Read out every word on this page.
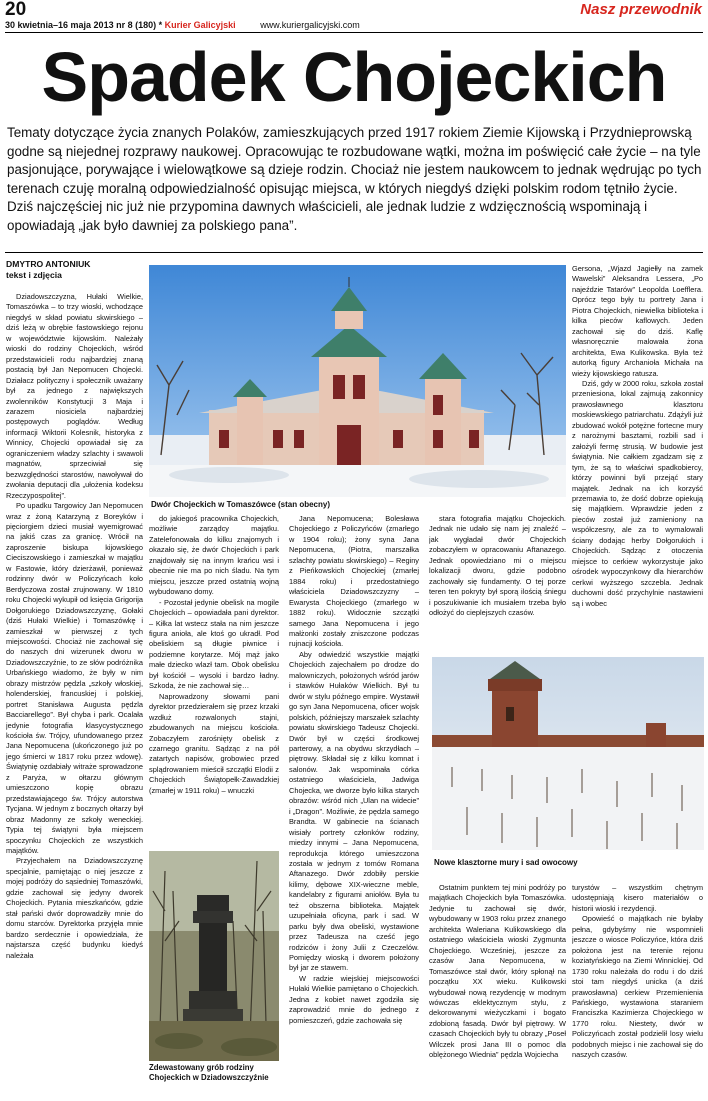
20	Nasz przewodnik
30 kwietnia–16 maja 2013 nr 8 (180) * Kurier Galicyjski	www.kuriergalicyjski.com
Spadek Chojeckich
Tematy dotyczące życia znanych Polaków, zamieszkujących przed 1917 rokiem Ziemie Kijowską i Przydnieprowską godne są niejednej rozprawy naukowej. Opracowując te rozbudowane wątki, można im poświęcić całe życie – na tyle pasjonujące, porywające i wielowątkowe są dzieje rodzin. Chociaż nie jestem naukowcem to jednak wędrując po tych terenach czuję moralną odpowiedzialność opisując miejsca, w których niegdyś dzięki polskim rodom tętniło życie. Dziś najczęściej nic już nie przypomina dawnych właścicieli, ale jednak ludzie z wdzięcznością wspominają i opowiadają „jak było dawniej za polskiego pana”.
DMYTRO ANTONIUK
tekst i zdjęcia

Dziadowszczyzna, Hułaki Wielkie, Tomaszówka – to trzy wioski, wchodzące niegdyś w skład powiatu skwirskiego – dziś leżą w obrębie fastowskiego rejonu w województwie kijowskim. Należały wioski do rodziny Chojeckich, wśród przedstawicieli rodu najbardziej znaną postacią był Jan Nepomucen Chojecki. Działacz polityczny i społecznik uważany był za jednego z największych zwolenników Konstytucji 3 Maja i zarazem niosiciela najbardziej postępowych poglądów. Według informacji Wiktorii Kolesnik, historyka z Winnicy, Chojecki opowiadał się za ograniczeniem władzy szlachty i swawoli magnatów, sprzeciwiał się bezwzględności starostów, nawoływał do zwołania deputacji dla „ułożenia kodeksu Rzeczypospolitej”.

Po upadku Targowicy Jan Nepomucen wraz z żoną Katarzyną z Boreyków i pięciorgiem dzieci musiał wyemigrować na jakiś czas za granicę. Wrócił na zaproszenie biskupa kijowskiego Cieciszowskiego i zamieszkał w majątku w Fastowie, który dzierżawił, ponieważ rodzinny dwór w Policzyńcach koło Berdyczowa został zrujnowany. W 1810 roku Chojecki wykupił od księcia Grigorija Dołgorukiego Dziadowszczyznę, Gołaki (dziś Hułaki Wielkie) i Tomaszówkę i zamieszkał w pierwszej z tych miejscowości. Chociaż nie zachował się do naszych dni wizerunek dworu w Dziadowszczyźnie, to ze słów podróżnika Urbańskiego wiadomo, że były w nim obrazy mistrzów pędzla „szkoły włoskiej, holenderskiej, francuskiej i polskiej, portret Stanisława Augusta pędzla Bacciarellego”. Był chyba i park. Ocalała jedynie fotografia klasycystycznego kościoła św. Trójcy, ufundowanego przez Jana Nepomucena (ukończonego już po jego śmierci w 1817 roku przez wdowę). Świątynię ozdabiały witraże sprowadzone z Paryża, w ołtarzu głównym umieszczono kopię obrazu przedstawiającego św. Trójcy autorstwa Tycjana. W jednym z bocznych ołtarzy był obraz Madonny ze szkoły weneckiej. Typia tej świątyni była miejscem spoczynku Chojeckich ze wszystkich majątków.

Przyjechałem na Dziadowszczyznę specjalnie, pamiętając o niej jeszcze z mojej podróży do sąsiedniej Tomaszówki, gdzie zachował się jedyny dworek Chojeckich. Pytania mieszkańców, gdzie stał pański dwór doprowadziły mnie do domu starców. Dyrektorka przyjęła mnie bardzo serdecznie i opowiedziała, że najstarsza część budynku kiedyś należała

Dwór Chojeckich w Tomaszówce (stan obecny)

do jakiegoś pracownika Chojeckich, możliwie zarządcy majątku. Zatelefonowała do kilku znajomych i okazało się, że dwór Chojeckich i park znajdowały się na innym krańcu wsi i obecnie nie ma po nich śladu. Na tym miejscu, jeszcze przed ostatnią wojną wybudowano domy.

- Pozostał jedynie obelisk na mogile Chojeckich – opowiadała pani dyrektor. – Kiłka lat wstecz stała na nim jeszcze figura anioła, ale ktoś go ukradł. Pod obeliskiem są długie piwnice i podziemne korytarze. Mój mąż jako małe dziecko wlazł tam. Obok obelisku był kościół – wysoki i bardzo ładny. Szkoda, że nie zachował się…

Naprowadzony słowami pani dyrektor przedzierałem się przez krzaki wzdłuż rozwalonych stajni, zbudowanych na miejscu kościoła. Zobaczyłem zarośnięty obelisk z czarnego granitu. Sądząc z na pół zatartych napisów, grobowiec przed splądrowaniem mieścił szczątki Elodii z Chojeckich Świątopełk-Zawadzkiej (zmarłej w 1911 roku) – wnuczki

Zdewastowany grób rodziny Chojeckich w Dziadowszczyźnie

Jana Nepomucena; Bolesława Chojeckiego z Policzyńców (zmarłego w 1904 roku); żony syna Jana Nepomucena, (Piotra, marszałka szlachty powiatu skwirskiego) – Reginy z Pieńkowskich Chojeckiej (zmarłej 1884 roku) i przedostatniego właściciela Dziadowszczyzny – Ewarysta Chojeckiego (zmarłego w 1882 roku). Widocznie szczątki samego Jana Nepomucena i jego małżonki zostały zniszczone podczas rujnacji kościoła.

Aby odwiedzić wszystkie majątki Chojeckich zajechałem po drodze do malowniczych, położonych wśród jarów i stawków Hułaków Wielkich. Był tu dwór w stylu późnego empire. Wystawił go syn Jana Nepomucena, oficer wojsk polskich, późniejszy marszałek szlachty powiatu skwirskiego Tadeusz Chojecki. Dwór był w części środkowej parterowy, a na obydwu skrzydłach – piętrowy. Składał się z kilku komnat i salonów. Jak wspominała córka ostatniego właściciela, Jadwiga Chojecka, we dworze było kilka starych obrazów: wśród nich „Ulan na widecie” i „Dragon”. Możliwie, że pędzla samego Brandta. W gabinecie na ścianach wisiały portrety członków rodziny, miedzy innymi – Jana Nepomucena, reprodukcja którego umieszczona została w jednym z tomów Romana Aftanazego. Dwór zdobiły perskie kilimy, dębowe XIX-wieczne meble, kandelabry z figurami aniołów. Była tu też obszerna biblioteka. Majątek uzupełniała oficyna, park i sad. W parku były dwa obeliski, wystawione przez Tadeusza na cześć jego rodziców i żony Julii z Czeczelów. Pomiędzy wioską i dworem położony był jar ze stawem.

W radzie wiejskiej miejscowości Hułaki Wielkie pamiętano o Chojeckich. Jedna z kobiet nawet zgodziła się zaprowadzić mnie do jednego z pomieszczeń, gdzie zachowała się

stara fotografia majątku Chojeckich. Jednak nie udało się nam jej znaleźć – jak wygładał dwór Chojeckich zobaczyłem w opracowaniu Aftanazego. Jednak opowiedziano mi o miejscu lokalizacji dworu, gdzie podobno zachowały się fundamenty. O tej porze teren ten pokryty był sporą ilością śniegu i poszukiwanie ich musiałem trzeba było odłożyć do cieplejszych czasów.

Gersona, „Wjazd Jagiełły na zamek Wawelski” Aleksandra Lessera, „Po najeździe Tatarów” Leopolda Loefflera. Oprócz tego były tu portrety Jana i Piotra Chojeckich, niewielka biblioteka i kilka pieców kaflowych. Jeden zachował się do dziś. Kaflę własnoręcznie malowała żona architekta, Ewa Kulikowska. Była też autorką figury Archanioła Michała na wieży kijowskiego ratusza.

Dziś, gdy w 2000 roku, szkoła został przeniesiona, lokal zajmują zakonnicy prawosławnego klasztoru moskiewskiego patriarchatu. Zdążyli już zbudować wokół potężne fortecne mury z narożnymi basztami, rozbili sad i założyli fermę strusią. W budowie jest świątynia. Nie całkiem zgadzam się z tym, że są to właściwi spadkobiercy, którzy powinni byli przejąć stary majątek. Jednak na ich korzyść przemawia to, że dość dobrze opiekują się majątkiem. Wprawdzie jeden z pieców został już zamieniony na współczesny, ale za to wymalowali ściany dodając herby Dołgorukich i Chojeckich. Sądząc z otoczenia miejsce to cerkiew wykorzystuje jako ośrodek wypoczynkowy dla hierarchów cerkwi wyższego szczebla. Jednak duchowni dość przychylnie nastawieni są i wobec

Nowe klasztorne mury i sad owocowy

Ostatnim punktem tej mini podróży po majątkach Chojeckich była Tomaszówka. Jedynie tu zachował się dwór, wybudowany w 1903 roku przez znanego architekta Waleriana Kulikowskiego dla ostatniego właściciela wioski Zygmunta Chojeckiego. Wcześniej, jeszcze za czasów Jana Nepomucena, w Tomaszówce stał dwór, który spłonął na początku XX wieku. Kulikowski wybudował nową rezydencję w modnym wówczas eklektycznym stylu, z dekorowanymi wieżyczkami i bogato zdobioną fasadą. Dwór był piętrowy. W czasach Chojeckich były tu obrazy „Poseł Wilczek prosi Jana III o pomoc dla oblężonego Wiednia” pędzla Wojciecha

turystów – wszystkim chętnym udostępniają kisero materiałów o historii wioski i rezydencji.

Opowieść o majątkach nie byłaby pełna, gdybyśmy nie wspomnieli jeszcze o wiosce Policzyńce, która dziś położona jest na terenie rejonu koziatyńskiego na Ziemi Winnickiej. Od 1730 roku należała do rodu i do dziś stoi tam niegdyś unicka (a dziś prawosławna) cerkiew Przemienienia Pańskiego, wystawiona staraniem Franciszka Kazimierza Chojeckiego w 1770 roku. Niestety, dwór w Policzyńcach został podzielił losy wielu podobnych miejsc i nie zachował się do naszych czasów.
